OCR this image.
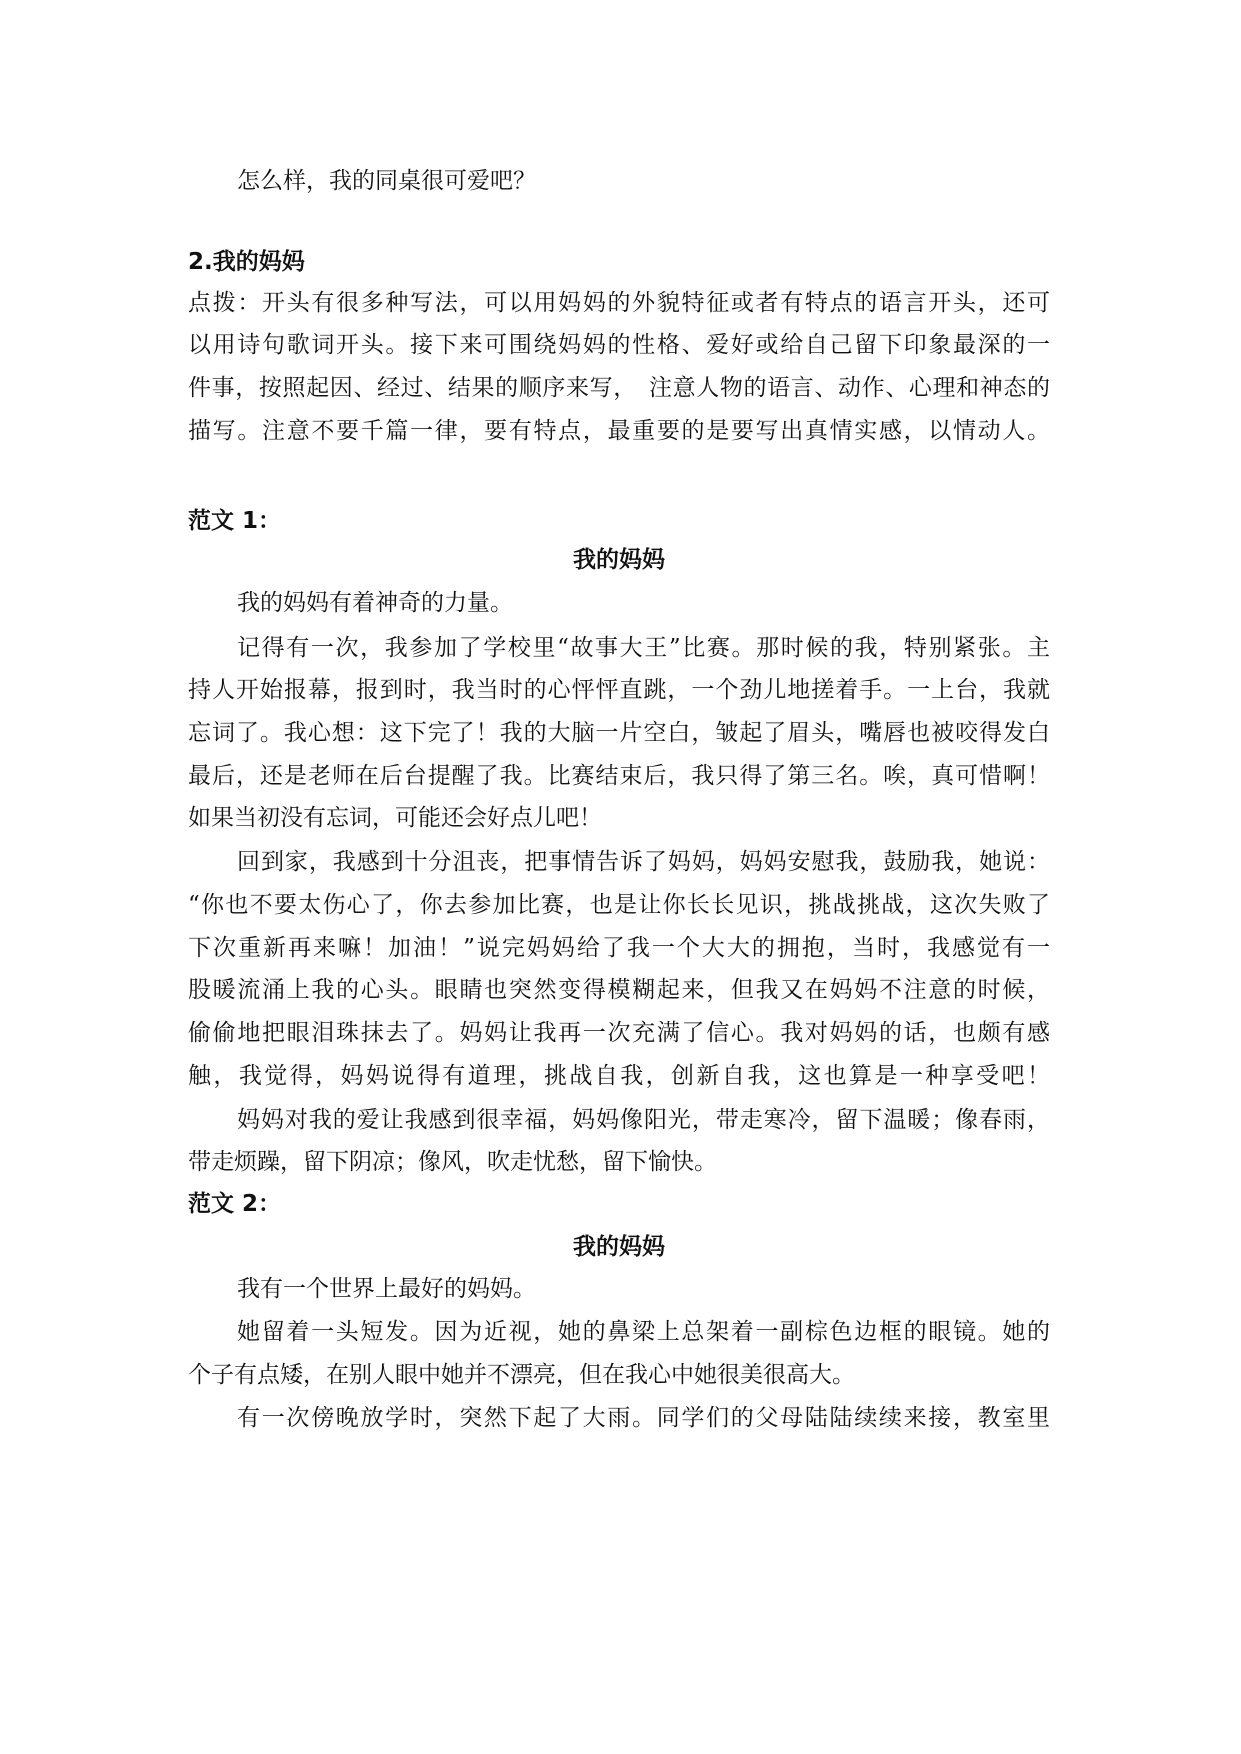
怎么样，我的同桌很可爱吧？
2.我的妈妈
点拨：开头有很多种写法，可以用妈妈的外貌特征或者有特点的语言开头，还可
以用诗句歌词开头。接下来可围绕妈妈的性格、爱好或给自己留下印象最深的一
件事，按照起因、经过、结果的顺序来写，　注意人物的语言、动作、心理和神态的
描写。注意不要千篇一律，要有特点，最重要的是要写出真情实感，以情动人。
范文 1：
我的妈妈
我的妈妈有着神奇的力量。
记得有一次，我参加了学校里“故事大王”比赛。那时候的我，特别紧张。主
持人开始报幕，报到时，我当时的心怦怦直跳，一个劲儿地搓着手。一上台，我就
忘词了。我心想：这下完了！我的大脑一片空白，皱起了眉头，嘴唇也被咬得发白
最后，还是老师在后台提醒了我。比赛结束后，我只得了第三名。唉，真可惜啊！
如果当初没有忘词，可能还会好点儿吧！
回到家，我感到十分沮丧，把事情告诉了妈妈，妈妈安慰我，鼓励我，她说：
“你也不要太伤心了，你去参加比赛，也是让你长长见识，挑战挑战，这次失败了
下次重新再来嘛！加油！”说完妈妈给了我一个大大的拥抱，当时，我感觉有一
股暖流涌上我的心头。眼睛也突然变得模糊起来，但我又在妈妈不注意的时候，
偷偷地把眼泪珠抹去了。妈妈让我再一次充满了信心。我对妈妈的话，也颇有感
触，我觉得，妈妈说得有道理，挑战自我，创新自我，这也算是一种享受吧！
妈妈对我的爱让我感到很幸福，妈妈像阳光，带走寒冷，留下温暖；像春雨，
带走烦躁，留下阴凉；像风，吹走忧愁，留下愉快。
范文 2：
我的妈妈
我有一个世界上最好的妈妈。
她留着一头短发。因为近视，她的鼻梁上总架着一副棕色边框的眼镜。她的
个子有点矮，在别人眼中她并不漂亮，但在我心中她很美很高大。
有一次傍晚放学时，突然下起了大雨。同学们的父母陆陆续续来接，教室里
